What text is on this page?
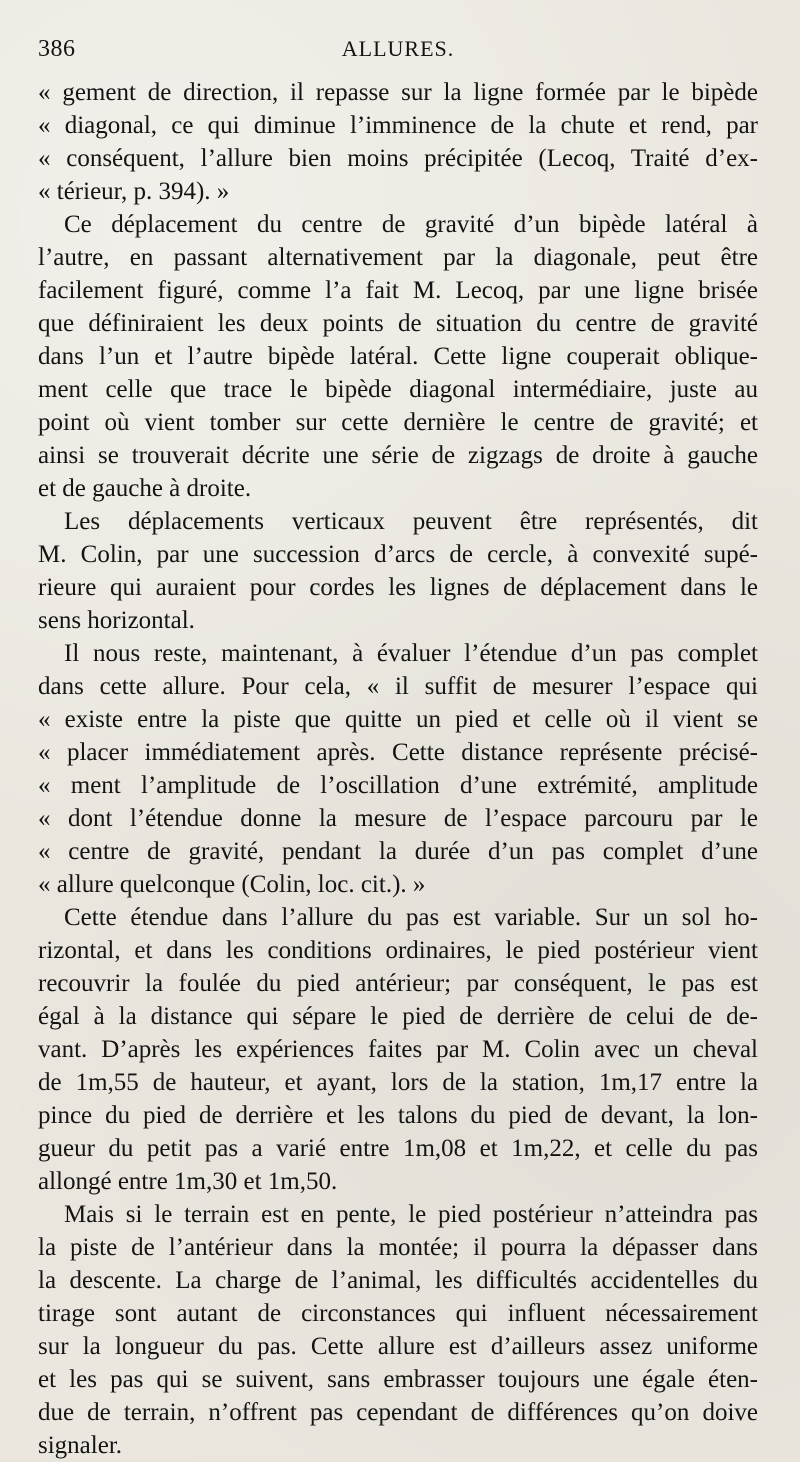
386	ALLURES.

« gement de direction, il repasse sur la ligne formée par le bipède
« diagonal, ce qui diminue l’imminence de la chute et rend, par
« conséquent, l’allure bien moins précipitée (Lecoq, Traité d’ex-
« térieur, p. 394). »

Ce déplacement du centre de gravité d’un bipède latéral à
l’autre, en passant alternativement par la diagonale, peut être
facilement figuré, comme l’a fait M. Lecoq, par une ligne brisée
que définiraient les deux points de situation du centre de gravité
dans l’un et l’autre bipède latéral. Cette ligne couperait oblique-
ment celle que trace le bipède diagonal intermédiaire, juste au
point où vient tomber sur cette dernière le centre de gravité; et
ainsi se trouverait décrite une série de zigzags de droite à gauche
et de gauche à droite.

Les déplacements verticaux peuvent être représentés, dit
M. Colin, par une succession d’arcs de cercle, à convexité supé-
rieure qui auraient pour cordes les lignes de déplacement dans le
sens horizontal.

Il nous reste, maintenant, à évaluer l’étendue d’un pas complet
dans cette allure. Pour cela, « il suffit de mesurer l’espace qui
« existe entre la piste que quitte un pied et celle où il vient se
« placer immédiatement après. Cette distance représente précisé-
« ment l’amplitude de l’oscillation d’une extrémité, amplitude
« dont l’étendue donne la mesure de l’espace parcouru par le
« centre de gravité, pendant la durée d’un pas complet d’une
« allure quelconque (Colin, loc. cit.). »

Cette étendue dans l’allure du pas est variable. Sur un sol ho-
rizontal, et dans les conditions ordinaires, le pied postérieur vient
recouvrir la foulée du pied antérieur; par conséquent, le pas est
égal à la distance qui sépare le pied de derrière de celui de de-
vant. D’après les expériences faites par M. Colin avec un cheval
de 1m,55 de hauteur, et ayant, lors de la station, 1m,17 entre la
pince du pied de derrière et les talons du pied de devant, la lon-
gueur du petit pas a varié entre 1m,08 et 1m,22, et celle du pas
allongé entre 1m,30 et 1m,50.

Mais si le terrain est en pente, le pied postérieur n’atteindra pas
la piste de l’antérieur dans la montée; il pourra la dépasser dans
la descente. La charge de l’animal, les difficultés accidentelles du
tirage sont autant de circonstances qui influent nécessairement
sur la longueur du pas. Cette allure est d’ailleurs assez uniforme
et les pas qui se suivent, sans embrasser toujours une égale éten-
due de terrain, n’offrent pas cependant de différences qu’on doive
signaler.
